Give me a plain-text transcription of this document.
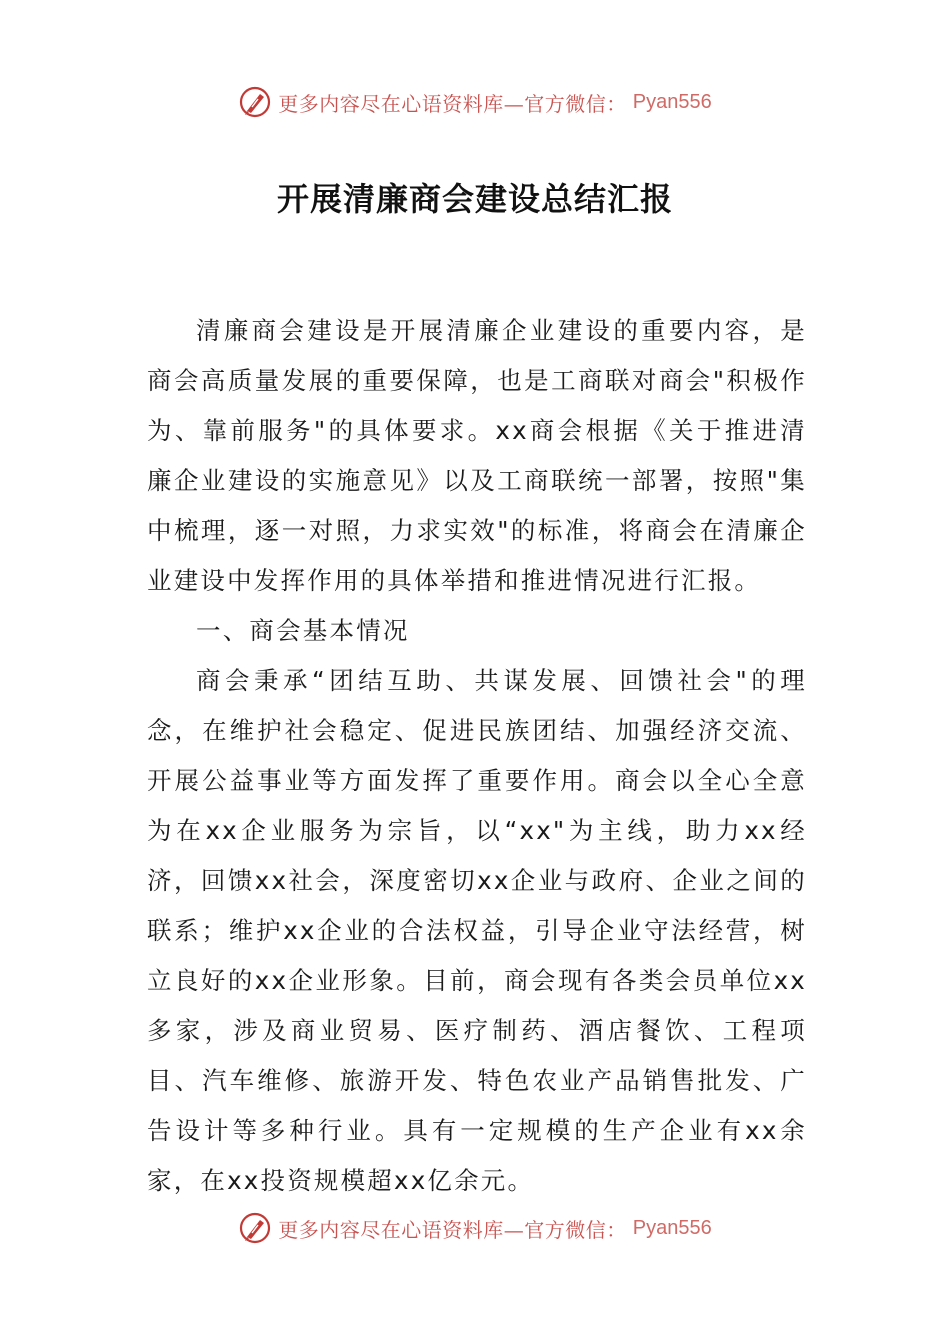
更多内容尽在心语资料库—官方微信： Pyan556
开展清廉商会建设总结汇报

清廉商会建设是开展清廉企业建设的重要内容，是商会高质量发展的重要保障，也是工商联对商会"积极作为、靠前服务"的具体要求。xx商会根据《关于推进清廉企业建设的实施意见》以及工商联统一部署，按照"集中梳理，逐一对照，力求实效"的标准，将商会在清廉企业建设中发挥作用的具体举措和推进情况进行汇报。

一、商会基本情况

商会秉承“团结互助、共谋发展、回馈社会"的理念，在维护社会稳定、促进民族团结、加强经济交流、开展公益事业等方面发挥了重要作用。商会以全心全意为在xx企业服务为宗旨，以“xx"为主线，助力xx经济，回馈xx社会，深度密切xx企业与政府、企业之间的联系；维护xx企业的合法权益，引导企业守法经营，树立良好的xx企业形象。目前，商会现有各类会员单位xx多家，涉及商业贸易、医疗制药、酒店餐饮、工程项目、汽车维修、旅游开发、特色农业产品销售批发、广告设计等多种行业。具有一定规模的生产企业有xx余家，在xx投资规模超xx亿余元。

更多内容尽在心语资料库—官方微信： Pyan556
